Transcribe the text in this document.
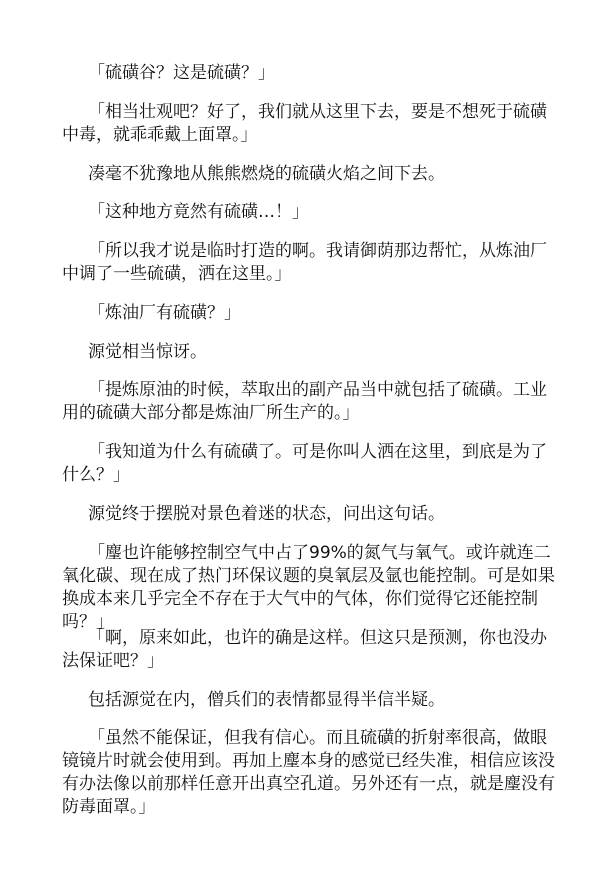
「硫磺谷？这是硫磺？」

「相当壮观吧？好了，我们就从这里下去，要是不想死于硫磺中毒，就乖乖戴上面罩。」

凑毫不犹豫地从熊熊燃烧的硫磺火焰之间下去。

「这种地方竟然有硫磺…！」

「所以我才说是临时打造的啊。我请御荫那边帮忙，从炼油厂中调了一些硫磺，洒在这里。」

「炼油厂有硫磺？」

源觉相当惊讶。

「提炼原油的时候，萃取出的副产品当中就包括了硫磺。工业用的硫磺大部分都是炼油厂所生产的。」

「我知道为什么有硫磺了。可是你叫人洒在这里，到底是为了什么？」

源觉终于摆脱对景色着迷的状态，问出这句话。

「麈也许能够控制空气中占了99%的氮气与氧气。或许就连二氧化碳、现在成了热门环保议题的臭氧层及氩也能控制。可是如果换成本来几乎完全不存在于大气中的气体，你们觉得它还能控制吗？」

「啊，原来如此，也许的确是这样。但这只是预测，你也没办法保证吧？」

包括源觉在内，僧兵们的表情都显得半信半疑。

「虽然不能保证，但我有信心。而且硫磺的折射率很高，做眼镜镜片时就会使用到。再加上麈本身的感觉已经失准，相信应该没有办法像以前那样任意开出真空孔道。另外还有一点，就是麈没有防毒面罩。」
